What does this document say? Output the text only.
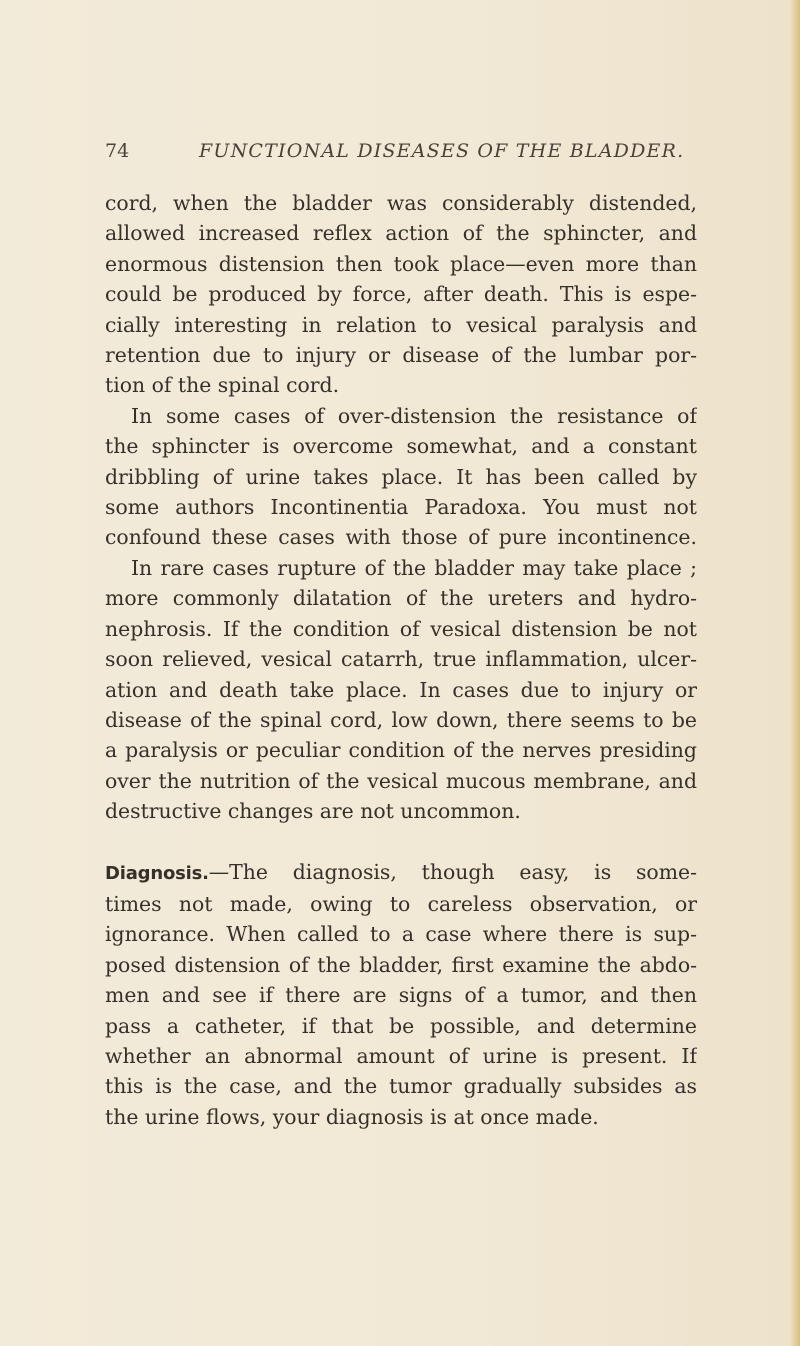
74	FUNCTIONAL DISEASES OF THE BLADDER.
cord, when the bladder was considerably distended,
allowed increased reflex action of the sphincter, and
enormous distension then took place—even more than
could be produced by force, after death. This is espe-
cially interesting in relation to vesical paralysis and
retention due to injury or disease of the lumbar por-
tion of the spinal cord.
In some cases of over-distension the resistance of
the sphincter is overcome somewhat, and a constant
dribbling of urine takes place. It has been called by
some authors Incontinentia Paradoxa. You must not
confound these cases with those of pure incontinence.
In rare cases rupture of the bladder may take place ;
more commonly dilatation of the ureters and hydro-
nephrosis. If the condition of vesical distension be not
soon relieved, vesical catarrh, true inflammation, ulcer-
ation and death take place. In cases due to injury or
disease of the spinal cord, low down, there seems to be
a paralysis or peculiar condition of the nerves presiding
over the nutrition of the vesical mucous membrane, and
destructive changes are not uncommon.
Diagnosis.—The diagnosis, though easy, is some-
times not made, owing to careless observation, or
ignorance. When called to a case where there is sup-
posed distension of the bladder, first examine the abdo-
men and see if there are signs of a tumor, and then
pass a catheter, if that be possible, and determine
whether an abnormal amount of urine is present. If
this is the case, and the tumor gradually subsides as
the urine flows, your diagnosis is at once made.
